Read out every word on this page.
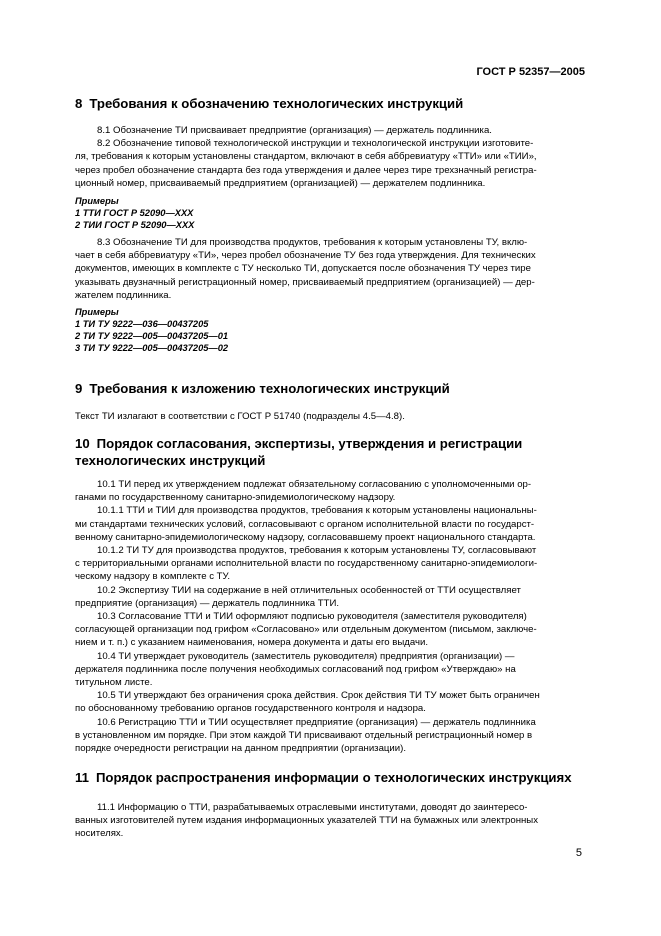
ГОСТ Р 52357—2005

8 Требования к обозначению технологических инструкций

8.1 Обозначение ТИ присваивает предприятие (организация) — держатель подлинника.

8.2 Обозначение типовой технологической инструкции и технологической инструкции изготовите-

ля, требования к которым установлены стандартом, включают в себя аббревиатуру «ТТИ» или «ТИИ»,

через пробел обозначение стандарта без года утверждения и далее через тире трехзначный регистра-

ционный номер, присваиваемый предприятием (организацией) — держателем подлинника.

Примеры

1 ТТИ ГОСТ Р 52090—ХХХ

2 ТИИ ГОСТ Р 52090—ХХХ

8.3 Обозначение ТИ для производства продуктов, требования к которым установлены ТУ, вклю-

чает в себя аббревиатуру «ТИ», через пробел обозначение ТУ без года утверждения. Для технических

документов, имеющих в комплекте с ТУ несколько ТИ, допускается после обозначения ТУ через тире

указывать двузначный регистрационный номер, присваиваемый предприятием (организацией) — дер-

жателем подлинника.

Примеры

1 ТИ ТУ 9222—036—00437205

2 ТИ ТУ 9222—005—00437205—01

3 ТИ ТУ 9222—005—00437205—02

9 Требования к изложению технологических инструкций

Текст ТИ излагают в соответствии с ГОСТ Р 51740 (подразделы 4.5—4.8).

10 Порядок согласования, экспертизы, утверждения и регистрации

технологических инструкций

10.1 ТИ перед их утверждением подлежат обязательному согласованию с уполномоченными ор-

ганами по государственному санитарно-эпидемиологическому надзору.

10.1.1 ТТИ и ТИИ для производства продуктов, требования к которым установлены национальны-

ми стандартами технических условий, согласовывают с органом исполнительной власти по государст-

венному санитарно-эпидемиологическому надзору, согласовавшему проект национального стандарта.

10.1.2 ТИ ТУ для производства продуктов, требования к которым установлены ТУ, согласовывают

с территориальными органами исполнительной власти по государственному санитарно-эпидемиологи-

ческому надзору в комплекте с ТУ.

10.2 Экспертизу ТИИ на содержание в ней отличительных особенностей от ТТИ осуществляет

предприятие (организация) — держатель подлинника ТТИ.

10.3 Согласование ТТИ и ТИИ оформляют подписью руководителя (заместителя руководителя)

согласующей организации под грифом «Согласовано» или отдельным документом (письмом, заключе-

нием и т. п.) с указанием наименования, номера документа и даты его выдачи.

10.4 ТИ утверждает руководитель (заместитель руководителя) предприятия (организации) —

держателя подлинника после получения необходимых согласований под грифом «Утверждаю» на

титульном листе.

10.5 ТИ утверждают без ограничения срока действия. Срок действия ТИ ТУ может быть ограничен

по обоснованному требованию органов государственного контроля и надзора.

10.6 Регистрацию ТТИ и ТИИ осуществляет предприятие (организация) — держатель подлинника

в установленном им порядке. При этом каждой ТИ присваивают отдельный регистрационный номер в

порядке очередности регистрации на данном предприятии (организации).

11 Порядок распространения информации о технологических инструкциях

11.1 Информацию о ТТИ, разрабатываемых отраслевыми институтами, доводят до заинтересо-

ванных изготовителей путем издания информационных указателей ТТИ на бумажных или электронных

носителях.

5
